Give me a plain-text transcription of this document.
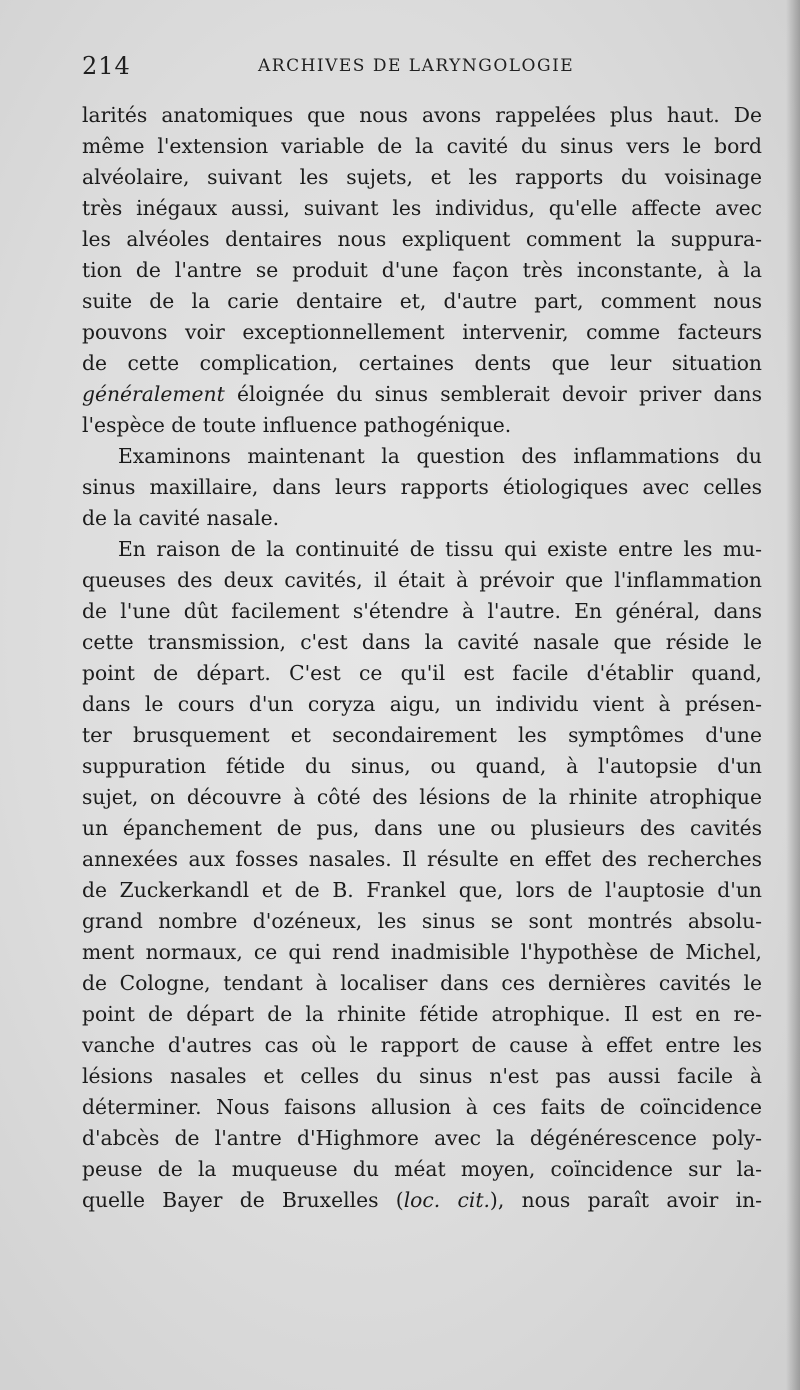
214	ARCHIVES DE LARYNGOLOGIE
larités anatomiques que nous avons rappelées plus haut. De
même l'extension variable de la cavité du sinus vers le bord
alvéolaire, suivant les sujets, et les rapports du voisinage
très inégaux aussi, suivant les individus, qu'elle affecte avec
les alvéoles dentaires nous expliquent comment la suppura-
tion de l'antre se produit d'une façon très inconstante, à la
suite de la carie dentaire et, d'autre part, comment nous
pouvons voir exceptionnellement intervenir, comme facteurs
de cette complication, certaines dents que leur situation
généralement éloignée du sinus semblerait devoir priver dans
l'espèce de toute influence pathogénique.
Examinons maintenant la question des inflammations du
sinus maxillaire, dans leurs rapports étiologiques avec celles
de la cavité nasale.
En raison de la continuité de tissu qui existe entre les mu-
queuses des deux cavités, il était à prévoir que l'inflammation
de l'une dût facilement s'étendre à l'autre. En général, dans
cette transmission, c'est dans la cavité nasale que réside le
point de départ. C'est ce qu'il est facile d'établir quand,
dans le cours d'un coryza aigu, un individu vient à présen-
ter brusquement et secondairement les symptômes d'une
suppuration fétide du sinus, ou quand, à l'autopsie d'un
sujet, on découvre à côté des lésions de la rhinite atrophique
un épanchement de pus, dans une ou plusieurs des cavités
annexées aux fosses nasales. Il résulte en effet des recherches
de Zuckerkandl et de B. Frankel que, lors de l'auptosie d'un
grand nombre d'ozéneux, les sinus se sont montrés absolu-
ment normaux, ce qui rend inadmisible l'hypothèse de Michel,
de Cologne, tendant à localiser dans ces dernières cavités le
point de départ de la rhinite fétide atrophique. Il est en re-
vanche d'autres cas où le rapport de cause à effet entre les
lésions nasales et celles du sinus n'est pas aussi facile à
déterminer. Nous faisons allusion à ces faits de coïncidence
d'abcès de l'antre d'Highmore avec la dégénérescence poly-
peuse de la muqueuse du méat moyen, coïncidence sur la-
quelle Bayer de Bruxelles (loc. cit.), nous paraît avoir in-
